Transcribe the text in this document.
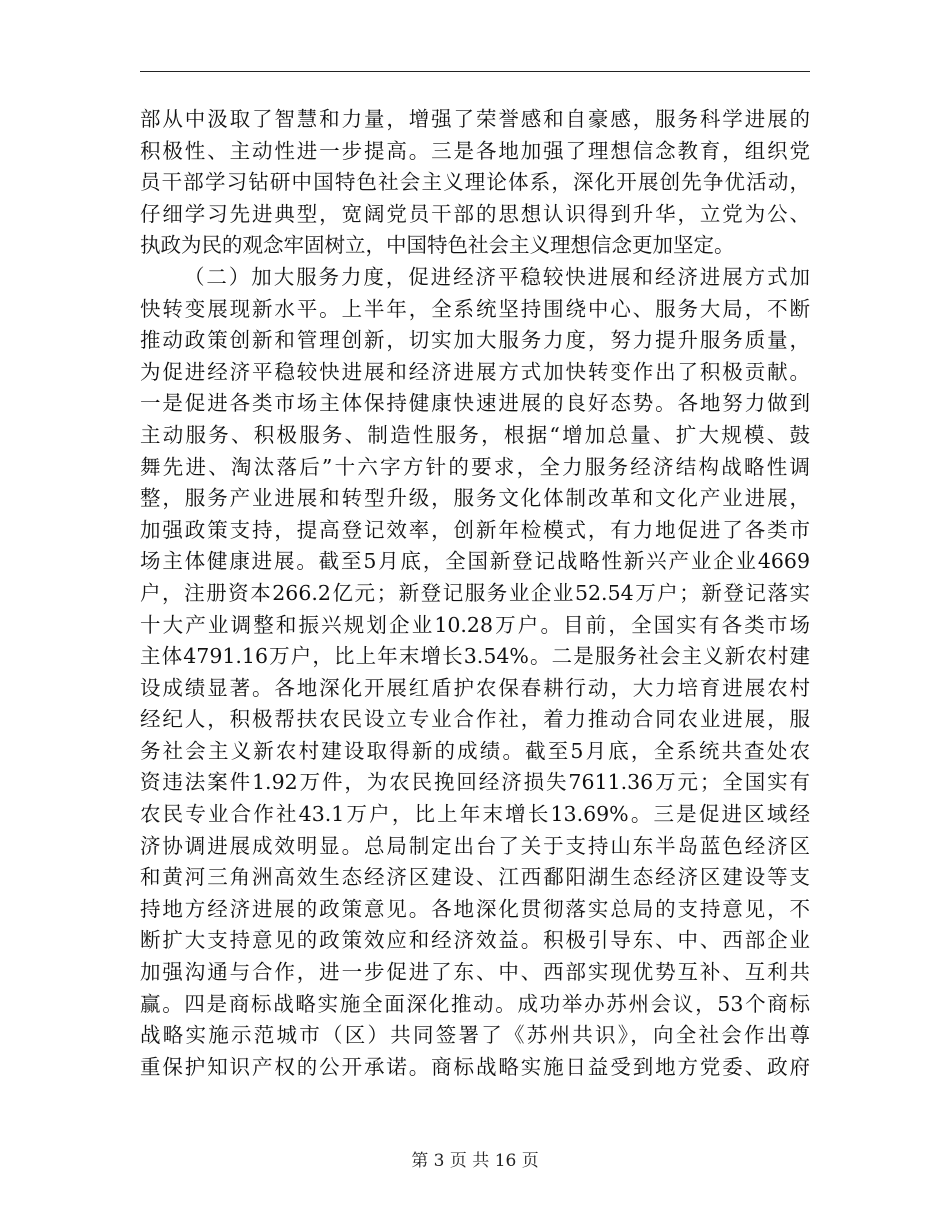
部从中汲取了智慧和力量，增强了荣誉感和自豪感，服务科学进展的
积极性、主动性进一步提高。三是各地加强了理想信念教育，组织党
员干部学习钻研中国特色社会主义理论体系，深化开展创先争优活动，
仔细学习先进典型，宽阔党员干部的思想认识得到升华，立党为公、
执政为民的观念牢固树立，中国特色社会主义理想信念更加坚定。
（二）加大服务力度，促进经济平稳较快进展和经济进展方式加
快转变展现新水平。上半年，全系统坚持围绕中心、服务大局，不断
推动政策创新和管理创新，切实加大服务力度，努力提升服务质量，
为促进经济平稳较快进展和经济进展方式加快转变作出了积极贡献。
一是促进各类市场主体保持健康快速进展的良好态势。各地努力做到
主动服务、积极服务、制造性服务，根据“增加总量、扩大规模、鼓
舞先进、淘汰落后”十六字方针的要求，全力服务经济结构战略性调
整，服务产业进展和转型升级，服务文化体制改革和文化产业进展，
加强政策支持，提高登记效率，创新年检模式，有力地促进了各类市
场主体健康进展。截至5月底，全国新登记战略性新兴产业企业4669
户，注册资本266.2亿元；新登记服务业企业52.54万户；新登记落实
十大产业调整和振兴规划企业10.28万户。目前，全国实有各类市场
主体4791.16万户，比上年末增长3.54%。二是服务社会主义新农村建
设成绩显著。各地深化开展红盾护农保春耕行动，大力培育进展农村
经纪人，积极帮扶农民设立专业合作社，着力推动合同农业进展，服
务社会主义新农村建设取得新的成绩。截至5月底，全系统共查处农
资违法案件1.92万件，为农民挽回经济损失7611.36万元；全国实有
农民专业合作社43.1万户，比上年末增长13.69%。三是促进区域经
济协调进展成效明显。总局制定出台了关于支持山东半岛蓝色经济区
和黄河三角洲高效生态经济区建设、江西鄱阳湖生态经济区建设等支
持地方经济进展的政策意见。各地深化贯彻落实总局的支持意见，不
断扩大支持意见的政策效应和经济效益。积极引导东、中、西部企业
加强沟通与合作，进一步促进了东、中、西部实现优势互补、互利共
赢。四是商标战略实施全面深化推动。成功举办苏州会议，53个商标
战略实施示范城市（区）共同签署了《苏州共识》，向全社会作出尊
重保护知识产权的公开承诺。商标战略实施日益受到地方党委、政府
第 3 页 共 16 页
